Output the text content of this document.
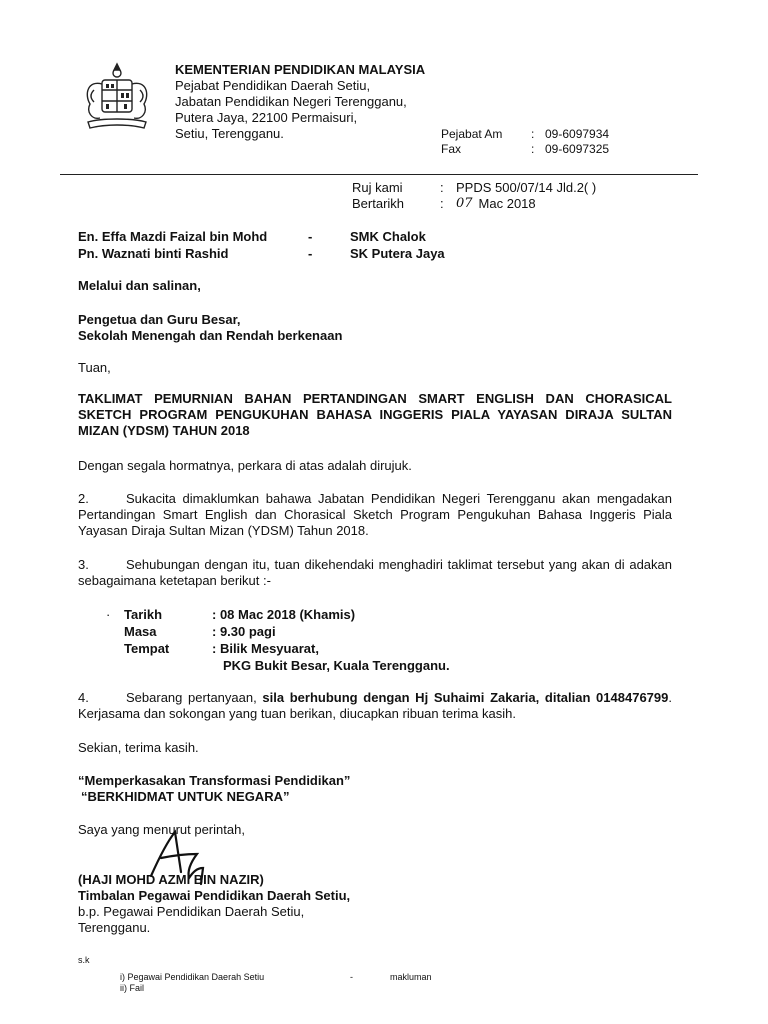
KEMENTERIAN PENDIDIKAN MALAYSIA
Pejabat Pendidikan Daerah Setiu,
Jabatan Pendidikan Negeri Terengganu,
Putera Jaya, 22100 Permaisuri,
Setiu, Terengganu.	Pejabat Am	: 09-6097934
Fax	: 09-6097325
Ruj kami	: PPDS 500/07/14 Jld.2( )
Bertarikh	: 07 Mac 2018
En. Effa Mazdi Faizal bin Mohd	-	SMK Chalok
Pn. Waznati binti Rashid	-	SK Putera Jaya
Melalui dan salinan,
Pengetua dan Guru Besar,
Sekolah Menengah dan Rendah berkenaan
Tuan,
TAKLIMAT PEMURNIAN BAHAN PERTANDINGAN SMART ENGLISH DAN CHORASICAL SKETCH PROGRAM PENGUKUHAN BAHASA INGGERIS PIALA YAYASAN DIRAJA SULTAN MIZAN (YDSM) TAHUN 2018
Dengan segala hormatnya, perkara di atas adalah dirujuk.
2.	Sukacita dimaklumkan bahawa Jabatan Pendidikan Negeri Terengganu akan mengadakan Pertandingan Smart English dan Chorasical Sketch Program Pengukuhan Bahasa Inggeris Piala Yayasan Diraja Sultan Mizan (YDSM) Tahun 2018.
3.	Sehubungan dengan itu, tuan dikehendaki menghadiri taklimat tersebut yang akan di adakan sebagaimana ketetapan berikut :-
·	Tarikh	: 08 Mac 2018 (Khamis)
Masa	: 9.30 pagi
Tempat	: Bilik Mesyuarat,
PKG Bukit Besar, Kuala Terengganu.
4.	Sebarang pertanyaan, sila berhubung dengan Hj Suhaimi Zakaria, ditalian 0148476799. Kerjasama dan sokongan yang tuan berikan, diucapkan ribuan terima kasih.
Sekian, terima kasih.
“Memperkasakan Transformasi Pendidikan”
“BERKHIDMAT UNTUK NEGARA”
Saya yang menurut perintah,
(HAJI MOHD AZMI BIN NAZIR)
Timbalan Pegawai Pendidikan Daerah Setiu,
b.p. Pegawai Pendidikan Daerah Setiu,
Terengganu.
s.k
i) Pegawai Pendidikan Daerah Setiu	-	makluman
ii) Fail
